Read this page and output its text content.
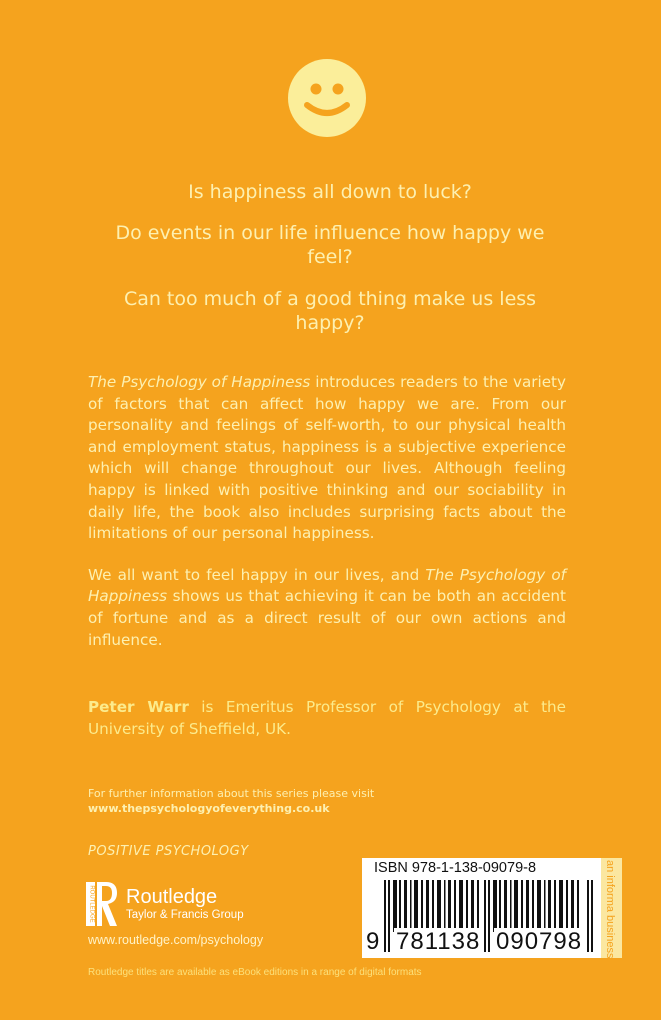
Is happiness all down to luck?

Do events in our life influence how happy we feel?

Can too much of a good thing make us less happy?

The Psychology of Happiness introduces readers to the variety of factors that can affect how happy we are. From our personality and feelings of self-worth, to our physical health and employment status, happiness is a subjective experience which will change throughout our lives. Although feeling happy is linked with positive thinking and our sociability in daily life, the book also includes surprising facts about the limitations of our personal happiness.

We all want to feel happy in our lives, and The Psychology of Happiness shows us that achieving it can be both an accident of fortune and as a direct result of our own actions and influence.

Peter Warr is Emeritus Professor of Psychology at the University of Sheffield, UK.
For further information about this series please visit
www.thepsychologyofeverything.co.uk
POSITIVE PSYCHOLOGY
ROUTLEDGE Routledge
Taylor & Francis Group
www.routledge.com/psychology
ISBN 978-1-138-09079-8
9 781138 090798 an informa business
Routledge titles are available as eBook editions in a range of digital formats
